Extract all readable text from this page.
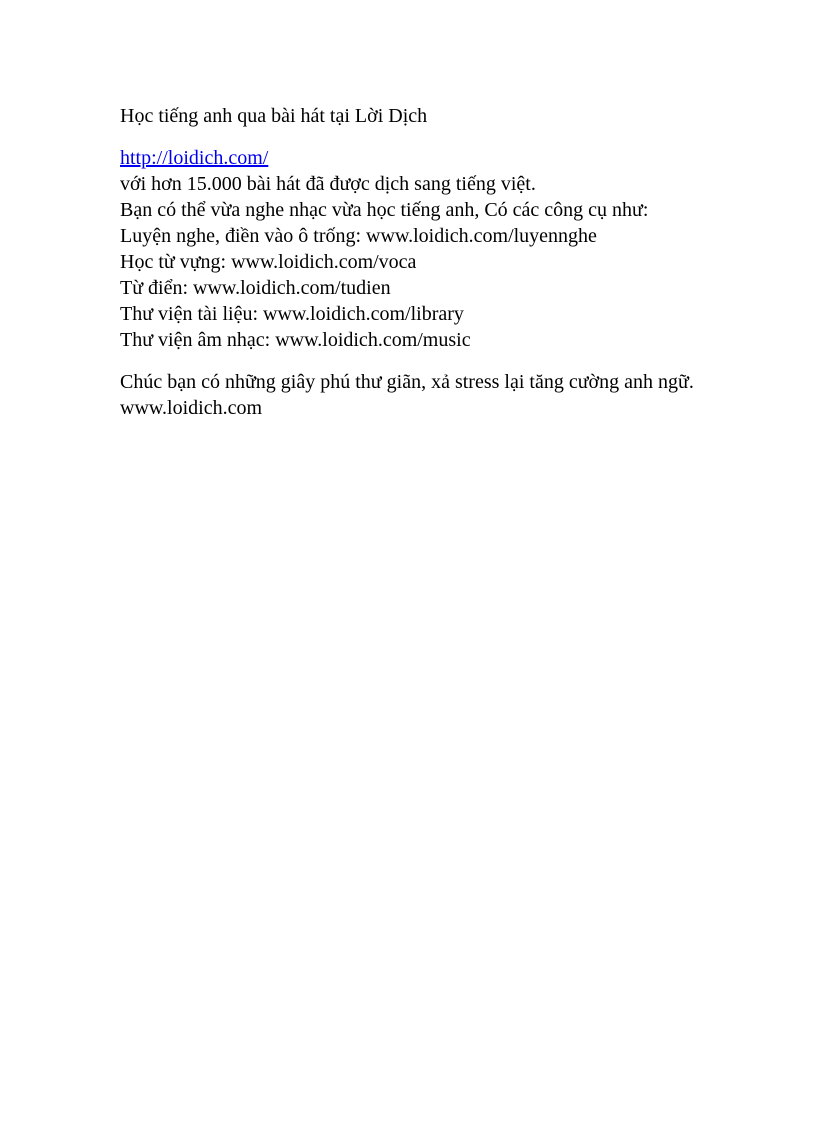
Học tiếng anh qua bài hát tại Lời Dịch

http://loidich.com/
với hơn 15.000 bài hát đã được dịch sang tiếng việt.
Bạn có thể vừa nghe nhạc vừa học tiếng anh, Có các công cụ như:
Luyện nghe, điền vào ô trống: www.loidich.com/luyennghe
Học từ vựng: www.loidich.com/voca
Từ điển: www.loidich.com/tudien
Thư viện tài liệu: www.loidich.com/library
Thư viện âm nhạc: www.loidich.com/music

Chúc bạn có những giây phú thư giãn, xả stress lại tăng cường anh ngữ.

www.loidich.com
